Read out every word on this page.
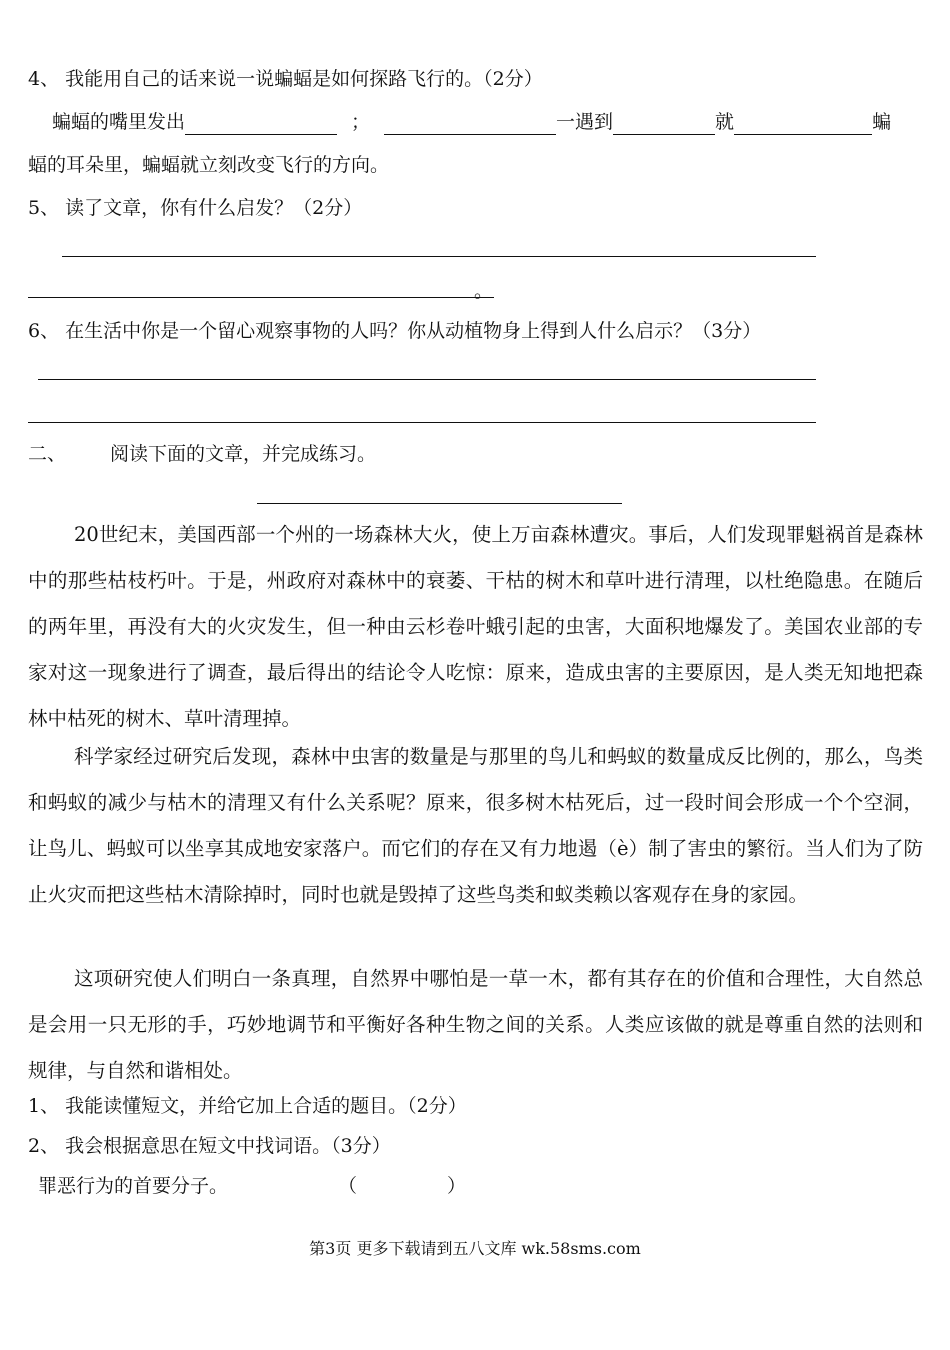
4、 我能用自己的话来说一说蝙蝠是如何探路飞行的。（2分）
蝙蝠的嘴里发出	；	一遇到	就	蝙
蝠的耳朵里，蝙蝠就立刻改变飞行的方向。
5、 读了文章，你有什么启发？（2分）
。
6、 在生活中你是一个留心观察事物的人吗？你从动植物身上得到人什么启示？（3分）
二、 阅读下面的文章，并完成练习。
20世纪末，美国西部一个州的一场森林大火，使上万亩森林遭灾。事后，人们发现罪魁祸首是森林中的那些枯枝朽叶。于是，州政府对森林中的衰萎、干枯的树木和草叶进行清理，以杜绝隐患。在随后的两年里，再没有大的火灾发生，但一种由云杉卷叶蛾引起的虫害，大面积地爆发了。美国农业部的专家对这一现象进行了调查，最后得出的结论令人吃惊：原来，造成虫害的主要原因，是人类无知地把森林中枯死的树木、草叶清理掉。
科学家经过研究后发现，森林中虫害的数量是与那里的鸟儿和蚂蚁的数量成反比例的，那么，鸟类和蚂蚁的减少与枯木的清理又有什么关系呢？原来，很多树木枯死后，过一段时间会形成一个个空洞，让鸟儿、蚂蚁可以坐享其成地安家落户。而它们的存在又有力地遏（è）制了害虫的繁衍。当人们为了防止火灾而把这些枯木清除掉时，同时也就是毁掉了这些鸟类和蚁类赖以客观存在身的家园。
这项研究使人们明白一条真理，自然界中哪怕是一草一木，都有其存在的价值和合理性，大自然总是会用一只无形的手，巧妙地调节和平衡好各种生物之间的关系。人类应该做的就是尊重自然的法则和规律，与自然和谐相处。
1、 我能读懂短文，并给它加上合适的题目。（2分）
2、 我会根据意思在短文中找词语。（3分）
罪恶行为的首要分子。	（	）
第3页 更多下载请到五八文库 wk.58sms.com
